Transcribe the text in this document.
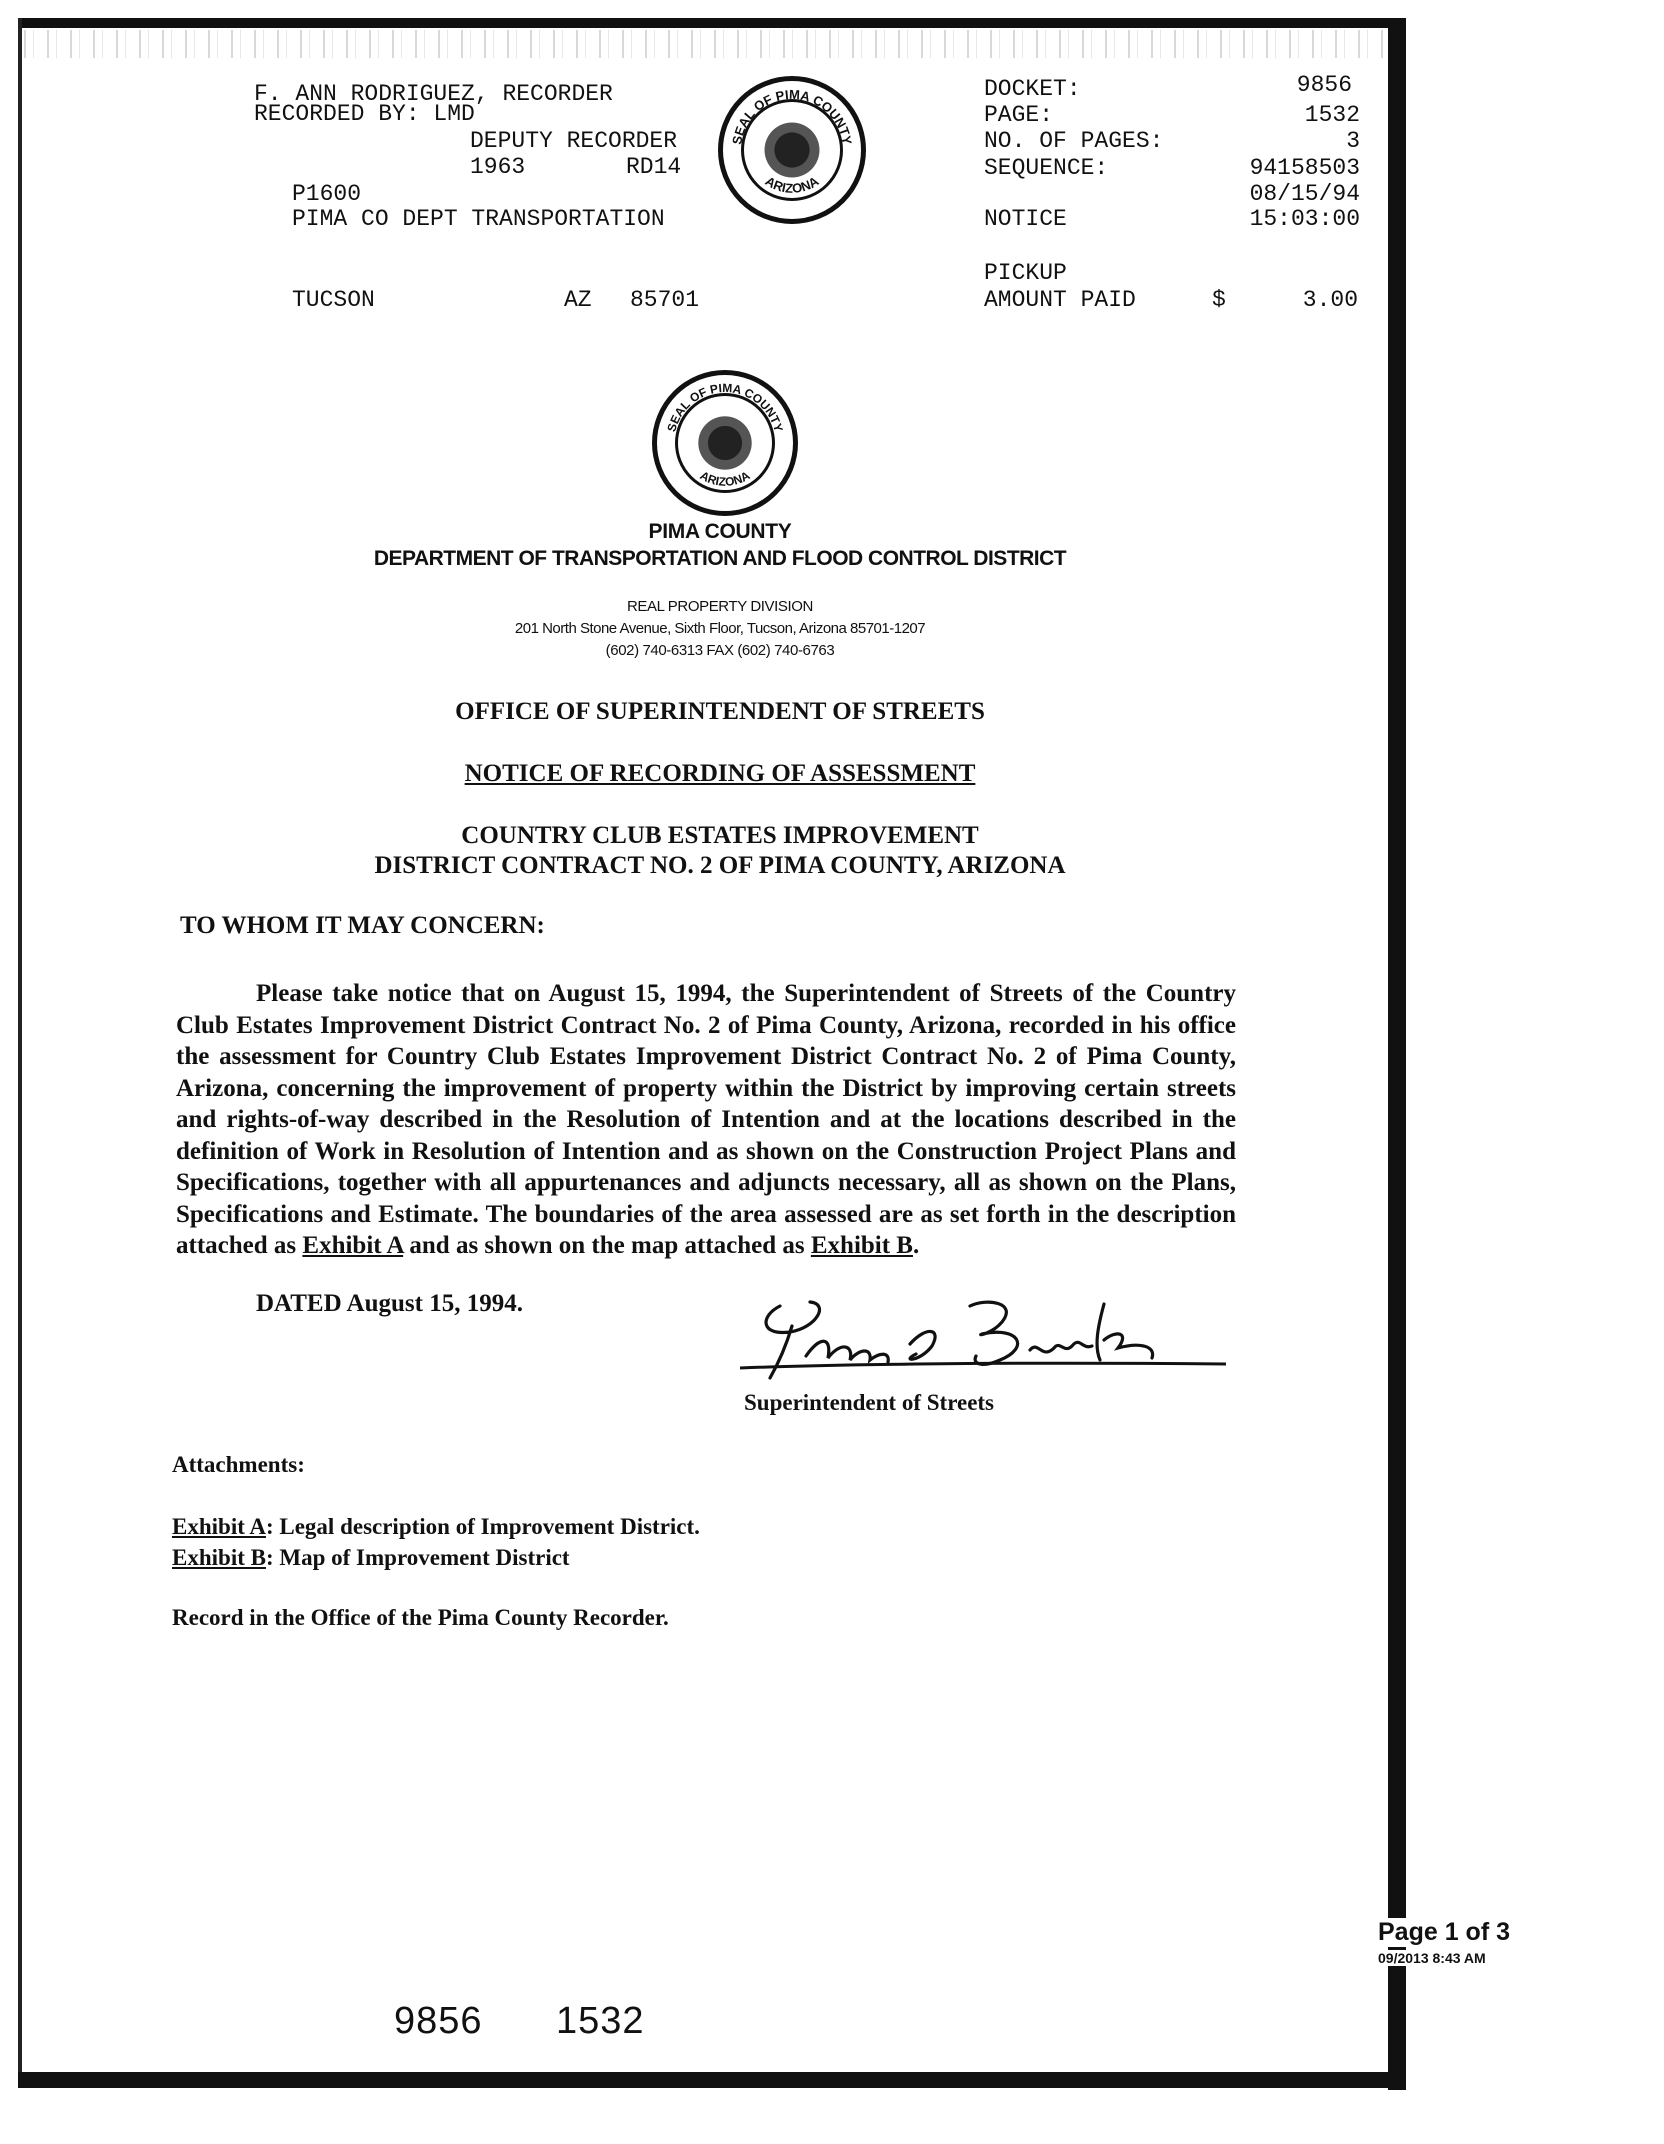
F. ANN RODRIGUEZ, RECORDER
RECORDED BY: LMD
DEPUTY RECORDER
1963	RD14
P1600
PIMA CO DEPT TRANSPORTATION
TUCSON	AZ 85701
DOCKET:	9856
PAGE:	1532
NO. OF PAGES:	3
SEQUENCE:	94158503
08/15/94
NOTICE	15:03:00
PICKUP
AMOUNT PAID	$	3.00
SEAL OF PIMA COUNTY
ARIZONA
SEAL OF PIMA COUNTY
ARIZONA
PIMA COUNTY
DEPARTMENT OF TRANSPORTATION AND FLOOD CONTROL DISTRICT
REAL PROPERTY DIVISION
201 North Stone Avenue, Sixth Floor, Tucson, Arizona 85701-1207
(602) 740-6313 FAX (602) 740-6763
OFFICE OF SUPERINTENDENT OF STREETS
NOTICE OF RECORDING OF ASSESSMENT
COUNTRY CLUB ESTATES IMPROVEMENT
DISTRICT CONTRACT NO. 2 OF PIMA COUNTY, ARIZONA
TO WHOM IT MAY CONCERN:
Please take notice that on August 15, 1994, the Superintendent of Streets of the Country Club Estates Improvement District Contract No. 2 of Pima County, Arizona, recorded in his office the assessment for Country Club Estates Improvement District Contract No. 2 of Pima County, Arizona, concerning the improvement of property within the District by improving certain streets and rights-of-way described in the Resolution of Intention and at the locations described in the definition of Work in Resolution of Intention and as shown on the Construction Project Plans and Specifications, together with all appurtenances and adjuncts necessary, all as shown on the Plans, Specifications and Estimate. The boundaries of the area assessed are as set forth in the description attached as Exhibit A and as shown on the map attached as Exhibit B.
DATED August 15, 1994.
Superintendent of Streets
Attachments:
Exhibit A: Legal description of Improvement District.
Exhibit B: Map of Improvement District
Record in the Office of the Pima County Recorder.
Page 1 of 3
09/2013 8:43 AM
9856 1532
